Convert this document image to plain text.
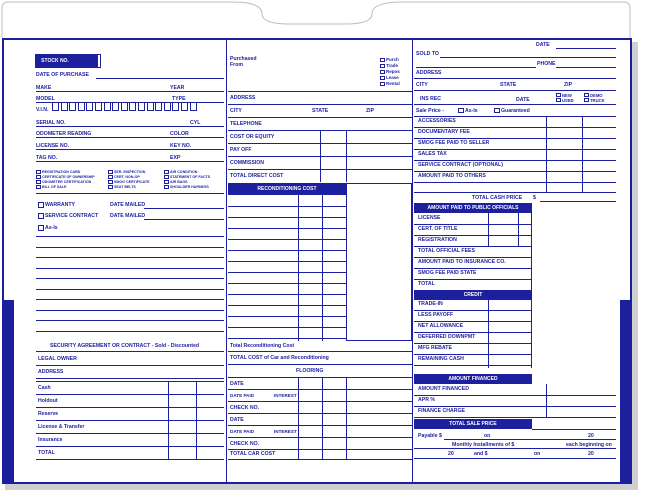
STOCK NO.
DATE OF PURCHASE
MAKE	YEAR
MODEL	TYPE
V.I.N.
SERIAL NO.	CYL
ODOMETER READING	COLOR
LICENSE NO.	KEY NO.
TAG NO.	EXP
REGISTRATION CARD
CERTIFICATE OF OWNERSHIP
ODOMETER CERTIFICATION
BILL OF SALE
SER. INSPECTION
CERT. NON-OP
SMOG CERTIFICATE
SEAT BELTS
AIR CONDITION
STATEMENT OF FACTS
AIR BAGS
SHOULDER HARNESS
WARRANTY	DATE MAILED
SERVICE CONTRACT DATE MAILED
As-Is
SECURITY AGREEMENT OR CONTRACT - Sold - Discounted
LEGAL OWNER
ADDRESS
Cash
Holdout
Reserve
License & Transfer
Insurance
TOTAL
Purchased From
Purch
Trade
Repos
Lease
Rental
ADDRESS
CITY	STATE	ZIP
TELEPHONE
COST OR EQUITY
PAY OFF
COMMISSION
TOTAL DIRECT COST
RECONDITIONING COST
Total Reconditioning Cost
TOTAL COST of Car and Reconditioning
FLOORING
DATE
DATE PAID	INTEREST
CHECK NO.
DATE
DATE PAID	INTEREST
CHECK NO.
TOTAL CAR COST
DATE
SOLD TO
PHONE
ADDRESS
CITY	STATE	ZIP
INS REC	DATE
NEW
USED
DEMO
TRUCK
Sale Price -	As-Is	Guaranteed
ACCESSORIES
DOCUMENTARY FEE
SMOG FEE PAID TO SELLER
SALES TAX
SERVICE CONTRACT (OPTIONAL)
AMOUNT PAID TO OTHERS
TOTAL CASH PRICE $
AMOUNT PAID TO PUBLIC OFFICIALS
LICENSE
CERT. OF TITLE
REGISTRATION
TOTAL OFFICIAL FEES
AMOUNT PAID TO INSURANCE CO.
SMOG FEE PAID STATE
TOTAL
CREDIT
TRADE-IN
LESS PAYOFF
NET ALLOWANCE
DEFERRED DOWNPMT
MFG REBATE
REMAINING CASH
AMOUNT FINANCED
AMOUNT FINANCED
APR %
FINANCE CHARGE
TOTAL SALE PRICE
Payable $	on	20
Monthly Installments of $	each beginning on
20	and $	on	20
